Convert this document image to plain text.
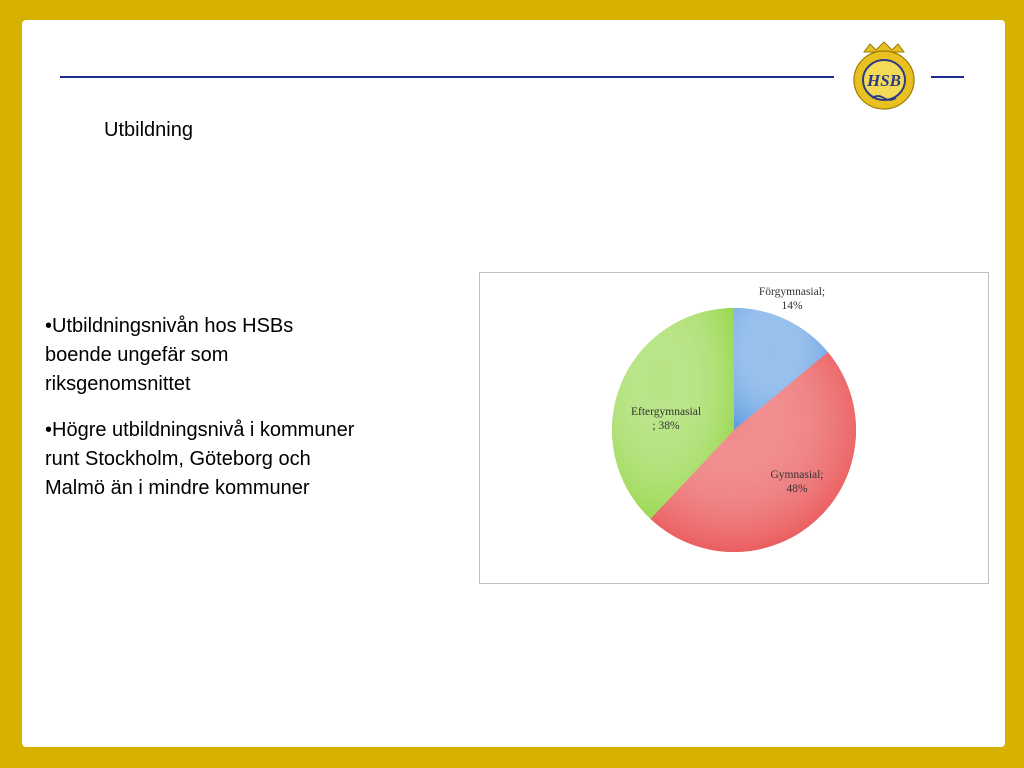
HSB
Utbildning
•Utbildningsnivån hos HSBs boende ungefär som riksgenomsnittet
•Högre utbildningsnivå i kommuner runt Stockholm, Göteborg och Malmö än i mindre kommuner
Förgymnasial; 14%
Gymnasial; 48%
Eftergymnasial ; 38%
